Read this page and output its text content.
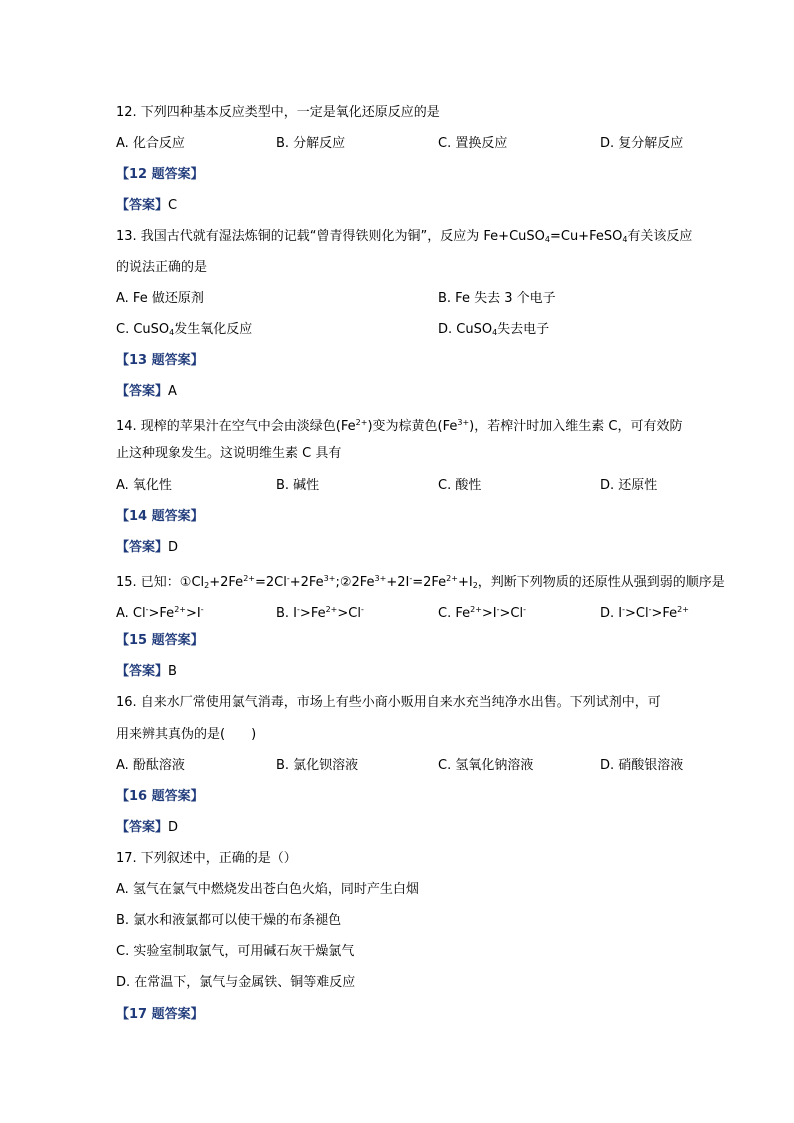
12. 下列四种基本反应类型中，一定是氧化还原反应的是
A. 化合反应	B. 分解反应	C. 置换反应	D. 复分解反应
【12 题答案】
【答案】C
13. 我国古代就有湿法炼铜的记载“曾青得铁则化为铜”，反应为 Fe+CuSO$_4$=Cu+FeSO$_4$有关该反应
的说法正确的是
A. Fe 做还原剂	B. Fe 失去 3 个电子
C. CuSO$_4$发生氧化反应	D. CuSO$_4$失去电子
【13 题答案】
【答案】A
14. 现榨的苹果汁在空气中会由淡绿色$(Fe^{2+})$变为棕黄色$(Fe^{3+})$，若榨汁时加入维生素 C，可有效防
止这种现象发生。这说明维生素 C 具有
A. 氧化性	B. 碱性	C. 酸性	D. 还原性
【14 题答案】
【答案】D
15. 已知：$①Cl_2+2Fe^{2+}=2Cl^-+2Fe^{3+};②2Fe^{3+}+2I^-=2Fe^{2+}+I_2$，判断下列物质的还原性从强到弱的顺序是
A. $Cl^->Fe^{2+}>I^-$	B. $I^->Fe^{2+}>Cl^-$	C. $Fe^{2+}>I^->Cl^-$	D. $I^->Cl^->Fe^{2+}$
【15 题答案】
【答案】B
16. 自来水厂常使用氯气消毒，市场上有些小商小贩用自来水充当纯净水出售。下列试剂中，可
用来辨其真伪的是(　　)
A. 酚酞溶液	B. 氯化钡溶液	C. 氢氧化钠溶液	D. 硝酸银溶液
【16 题答案】
【答案】D
17. 下列叙述中，正确的是（）
A. 氢气在氯气中燃烧发出苍白色火焰，同时产生白烟
B. 氯水和液氯都可以使干燥的布条褪色
C. 实验室制取氯气，可用碱石灰干燥氯气
D. 在常温下，氯气与金属铁、铜等难反应
【17 题答案】
